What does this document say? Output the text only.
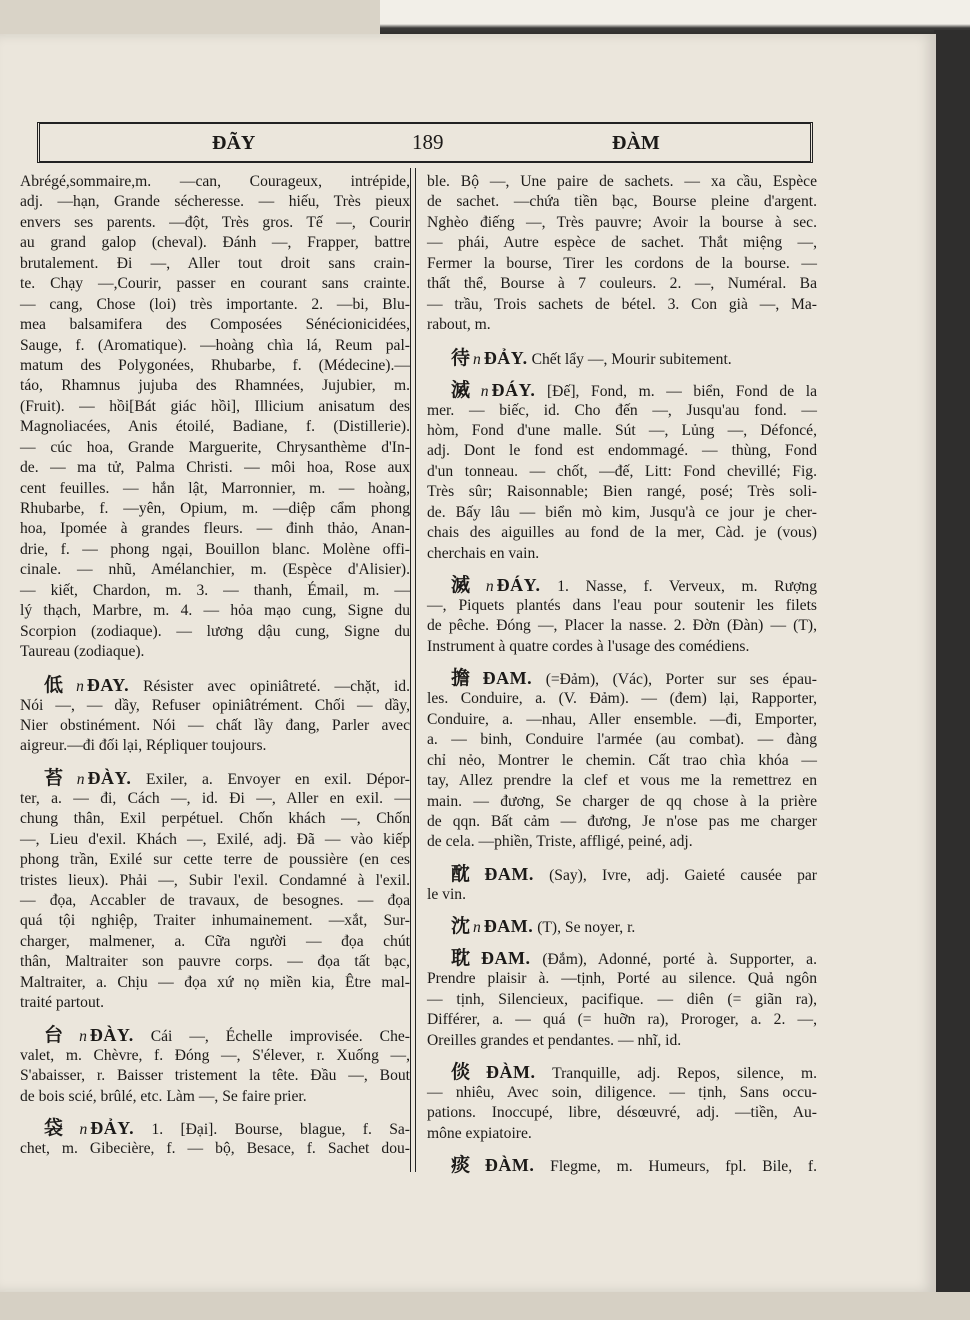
ĐÃY	189	ĐÀM
Abrégé,sommaire,m. —can, Courageux, intrépide,
adj. —hạn, Grande sécheresse. — hiếu, Très pieux
envers ses parents. —đột, Très gros. Tế —, Courir
au grand galop (cheval). Đánh —, Frapper, battre
brutalement. Đi —, Aller tout droit sans crain-
te. Chạy —,Courir, passer en courant sans crainte.
— cang, Chose (loi) très importante. 2. —bi, Blu-
mea balsamifera des Composées Sénécionicidées,
Sauge, f. (Aromatique). —hoàng chìa lá, Reum pal-
matum des Polygonées, Rhubarbe, f. (Médecine).—
táo, Rhamnus jujuba des Rhamnées, Jujubier, m.
(Fruit). — hồi[Bát giác hồi], Illicium anisatum des
Magnoliacées, Anis étoilé, Badiane, f. (Distillerie).
— cúc hoa, Grande Marguerite, Chrysanthème d'In-
de. — ma tử, Palma Christi. — môi hoa, Rose aux
cent feuilles. — hắn lật, Marronnier, m. — hoàng,
Rhubarbe, f. —yên, Opium, m. —diệp cẩm phong
hoa, Ipomée à grandes fleurs. — đinh thảo, Anan-
drie, f. — phong ngại, Bouillon blanc. Molène offi-
cinale. — nhũ, Amélanchier, m. (Espèce d'Alisier).
— kiết, Chardon, m. 3. — thanh, Émail, m. —
lý thạch, Marbre, m. 4. — hỏa mạo cung, Signe du
Scorpion (zodiaque). — lương dậu cung, Signe du
Taureau (zodiaque).
低 n ĐAY. Résister avec opiniâtreté. —chặt, id.
Nói —, — dầy, Refuser opiniâtrément. Chối — dầy,
Nier obstinément. Nói — chất lầy đang, Parler avec
aigreur.—đi đối lại, Répliquer toujours.
苔 n ĐÀY. Exiler, a. Envoyer en exil. Dépor-
ter, a. — đi, Cách —, id. Đi —, Aller en exil. —
chung thân, Exil perpétuel. Chốn khách —, Chốn
—, Lieu d'exil. Khách —, Exilé, adj. Đã — vào kiếp
phong trần, Exilé sur cette terre de poussière (en ces
tristes lieux). Phải —, Subir l'exil. Condamné à l'exil.
— đọa, Accabler de travaux, de besognes. — đọa
quá tội nghiệp, Traiter inhumainement. —xắt, Sur-
charger, malmener, a. Cữa người — đọa chút
thân, Maltraiter son pauvre corps. — đọa tất bạc,
Maltraiter, a. Chịu — đọa xứ nọ miền kia, Être mal-
traité partout.
台 n ĐÀY. Cái —, Échelle improvisée. Che-
valet, m. Chèvre, f. Đóng —, S'élever, r. Xuống —,
S'abaisser, r. Baisser tristement la tête. Đầu —, Bout
de bois scié, brûlé, etc. Làm —, Se faire prier.
袋 n ĐẢY. 1. [Đại]. Bourse, blague, f. Sa-
chet, m. Gibecière, f. — bộ, Besace, f. Sachet dou-
ble. Bộ —, Une paire de sachets. — xa cầu, Espèce
de sachet. —chứa tiền bạc, Bourse pleine d'argent.
Nghèo điếng —, Très pauvre; Avoir la bourse à sec.
— phái, Autre espèce de sachet. Thắt miệng —,
Fermer la bourse, Tirer les cordons de la bourse. —
thất thể, Bourse à 7 couleurs. 2. —, Numéral. Ba
— trầu, Trois sachets de bétel. 3. Con già —, Ma-
rabout, m.
待 n ĐẢY. Chết lẩy —, Mourir subitement.
滅 n ĐÁY. [Đế], Fond, m. — biển, Fond de la
mer. — biếc, id. Cho đến —, Jusqu'au fond. —
hòm, Fond d'une malle. Sút —, Lủng —, Défoncé,
adj. Dont le fond est endommagé. — thùng, Fond
d'un tonneau. — chốt, —đế, Litt: Fond chevillé; Fig.
Très sûr; Raisonnable; Bien rangé, posé; Très soli-
de. Bấy lâu — biển mò kim, Jusqu'à ce jour je cher-
chais des aiguilles au fond de la mer, Càd. je (vous)
cherchais en vain.
滅 n ĐÁY. 1. Nasse, f. Verveux, m. Rượng
—, Piquets plantés dans l'eau pour soutenir les filets
de pêche. Đóng —, Placer la nasse. 2. Đờn (Đàn) — (T),
Instrument à quatre cordes à l'usage des comédiens.
擔 ĐAM. (=Đảm), (Vác), Porter sur ses épau-
les. Conduire, a. (V. Đảm). — (đem) lại, Rapporter,
Conduire, a. —nhau, Aller ensemble. —đi, Emporter,
a. — binh, Conduire l'armée (au combat). — đàng
chỉ nẻo, Montrer le chemin. Cất trao chìa khóa —
tay, Allez prendre la clef et vous me la remettrez en
main. — đương, Se charger de qq chose à la prière
de qqn. Bất cảm — đương, Je n'ose pas me charger
de cela. —phiền, Triste, affligé, peiné, adj.
酖 ĐAM. (Say), Ivre, adj. Gaieté causée par
le vin.
沈 n ĐAM. (T), Se noyer, r.
耽 ĐAM. (Đắm), Adonné, porté à. Supporter, a.
Prendre plaisir à. —tịnh, Porté au silence. Quả ngôn
— tịnh, Silencieux, pacifique. — diên (= giãn ra),
Différer, a. — quá (= huỡn ra), Proroger, a. 2. —,
Oreilles grandes et pendantes. — nhĩ, id.
倓 ĐÀM. Tranquille, adj. Repos, silence, m.
— nhiêu, Avec soin, diligence. — tịnh, Sans occu-
pations. Inoccupé, libre, désœuvré, adj. —tiền, Au-
mône expiatoire.
痰 ĐÀM. Flegme, m. Humeurs, fpl. Bile, f.
